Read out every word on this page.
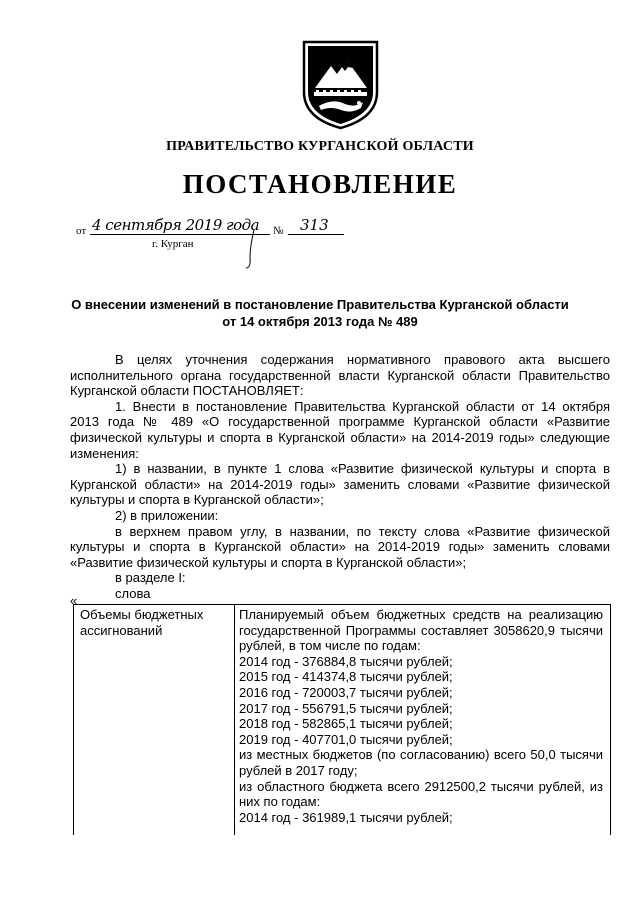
ПРАВИТЕЛЬСТВО КУРГАНСКОЙ ОБЛАСТИ
ПОСТАНОВЛЕНИЕ
от 4 сентября 2019 года № 313
г. Курган
О внесении изменений в постановление Правительства Курганской области
от 14 октября 2013 года № 489

В целях уточнения содержания нормативного правового акта высшего исполнительного органа государственной власти Курганской области Правительство Курганской области ПОСТАНОВЛЯЕТ:

1. Внести в постановление Правительства Курганской области от 14 октября 2013 года № 489 «О государственной программе Курганской области «Развитие физической культуры и спорта в Курганской области» на 2014-2019 годы» следующие изменения:

1) в названии, в пункте 1 слова «Развитие физической культуры и спорта в Курганской области» на 2014-2019 годы» заменить словами «Развитие физической культуры и спорта в Курганской области»;

2) в приложении:

в верхнем правом углу, в названии, по тексту слова «Развитие физической культуры и спорта в Курганской области» на 2014-2019 годы» заменить словами «Развитие физической культуры и спорта в Курганской области»;

в разделе I:

слова

«
Объемы бюджетных ассигнований

Планируемый объем бюджетных средств на реализацию государственной Программы составляет 3058620,9 тысячи рублей, в том числе по годам:

2014 год - 376884,8 тысячи рублей;

2015 год - 414374,8 тысячи рублей;

2016 год - 720003,7 тысячи рублей;

2017 год - 556791,5 тысячи рублей;

2018 год - 582865,1 тысячи рублей;

2019 год - 407701,0 тысячи рублей;

из местных бюджетов (по согласованию) всего 50,0 тысячи рублей в 2017 году;

из областного бюджета всего 2912500,2 тысячи рублей, из них по годам:

2014 год - 361989,1 тысячи рублей;
